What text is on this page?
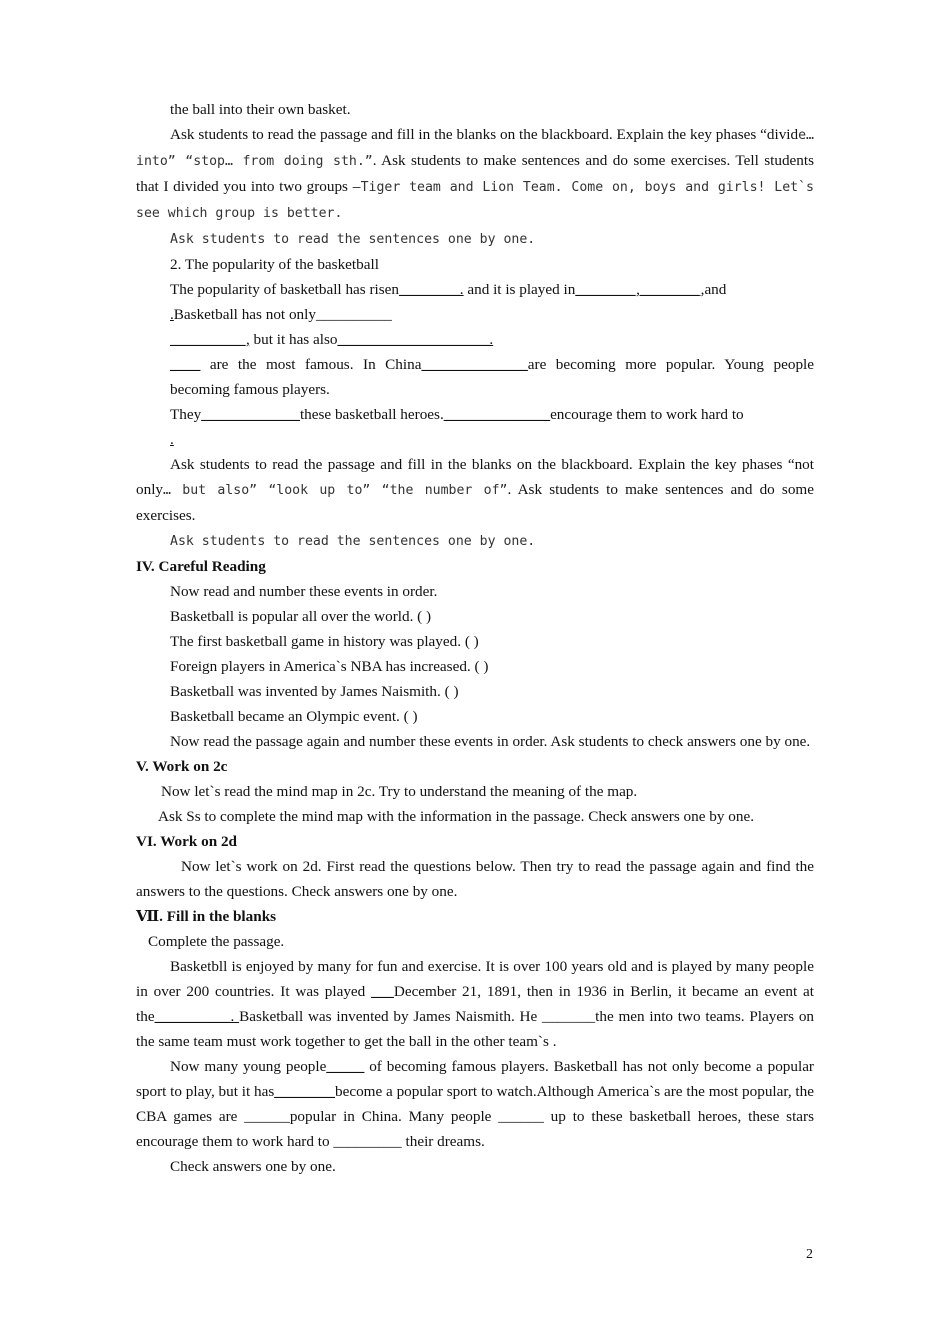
the ball into their own basket.

Ask students to read the passage and fill in the blanks on the blackboard. Explain the key phases “divide… into” “stop… from doing sth.”. Ask students to make sentences and do some exercises. Tell students that I divided you into two groups —Tiger team and Lion Team. Come on, boys and girls! Let`s see which group is better.

Ask students to read the sentences one by one.

2. The popularity of the basketball

The popularity of basketball has risen________. and it is played in________,________,and
.Basketball has not only__________

__________, but it has also____________________.

____ are the most famous. In China______________are becoming more popular. Young people becoming famous players.

They_____________these basketball heroes.______________encourage them to work hard to
.

Ask students to read the passage and fill in the blanks on the blackboard. Explain the key phases “not only… but also” “look up to” “the number of”. Ask students to make sentences and do some exercises.

Ask students to read the sentences one by one.

IV. Careful Reading

Now read and number these events in order.

Basketball is popular all over the world. ( )

The first basketball game in history was played. ( )

Foreign players in America`s NBA has increased. ( )

Basketball was invented by James Naismith. ( )

Basketball became an Olympic event. ( )

Now read the passage again and number these events in order. Ask students to check answers one by one.

V. Work on 2c

Now let`s read the mind map in 2c. Try to understand the meaning of the map.

Ask Ss to complete the mind map with the information in the passage. Check answers one by one.

VI. Work on 2d

Now let`s work on 2d. First read the questions below. Then try to read the passage again and find the answers to the questions. Check answers one by one.

Ⅶ. Fill in the blanks

Complete the passage.

Basketbll is enjoyed by many for fun and exercise. It is over 100 years old and is played by many people in over 200 countries. It was played ___December 21, 1891, then in 1936 in Berlin, it became an event at the__________. Basketball was invented by James Naismith. He _______the men into two teams. Players on the same team must work together to get the ball in the other team`s .

Now many young people_____ of becoming famous players. Basketball has not only become a popular sport to play, but it has________become a popular sport to watch.Although America`s are the most popular, the CBA games are ______popular in China. Many people ______ up to these basketball heroes, these stars encourage them to work hard to _________ their dreams.

Check answers one by one.

2
